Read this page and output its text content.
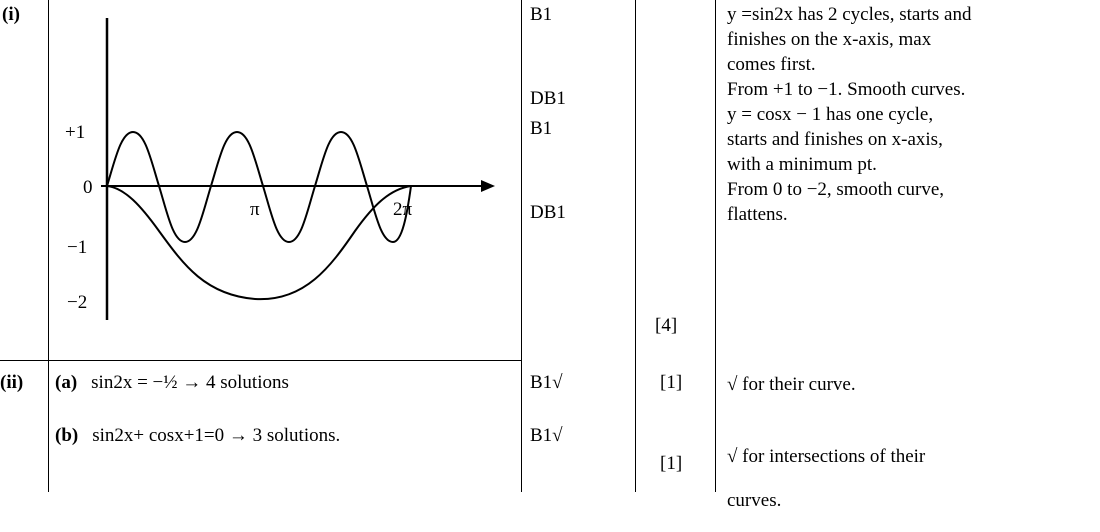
(i)
(ii)
+1
0
−1
−2
π	2π
B1
DB1
B1
DB1
B1√
B1√
[4]
[1]
[1]

y =sin2x has 2 cycles, starts and

finishes on the x-axis, max

comes first.

From +1 to −1. Smooth curves.

y = cosx − 1 has one cycle,

starts and finishes on x-axis,

with a minimum pt.

From 0 to −2, smooth curve,

flattens.

√ for their curve.

√ for intersections of their

curves.

(a) sin2x = −½ → 4 solutions
(b) sin2x+ cosx+1=0 → 3 solutions.
